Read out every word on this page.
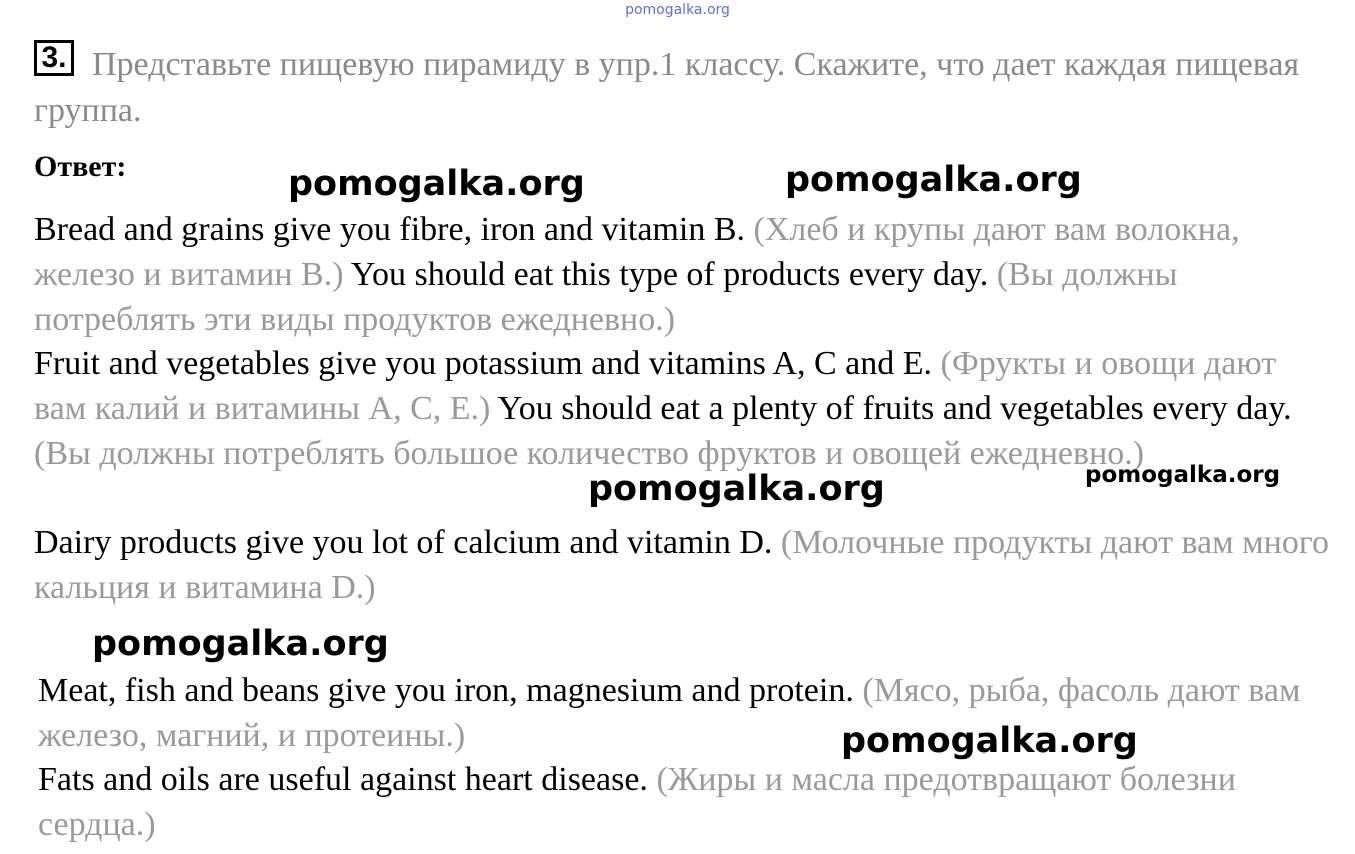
pomogalka.org
3. Представьте пищевую пирамиду в упр.1 классу. Скажите, что дает каждая пищевая группа.
Ответ:
Bread and grains give you fibre, iron and vitamin B. (Хлеб и крупы дают вам волокна, железо и витамин B.) You should eat this type of products every day. (Вы должны потреблять эти виды продуктов ежедневно.)
Fruit and vegetables give you potassium and vitamins A, C and E. (Фрукты и овощи дают вам калий и витамины A, C, E.) You should eat a plenty of fruits and vegetables every day. (Вы должны потреблять большое количество фруктов и овощей ежедневно.)
Dairy products give you lot of calcium and vitamin D. (Молочные продукты дают вам много кальция и витамина D.)
Meat, fish and beans give you iron, magnesium and protein. (Мясо, рыба, фасоль дают вам железо, магний, и протеины.)
Fats and oils are useful against heart disease. (Жиры и масла предотвращают болезни сердца.)
pomogalka.org	pomogalka.org
pomogalka.org	pomogalka.org
pomogalka.org
pomogalka.org
